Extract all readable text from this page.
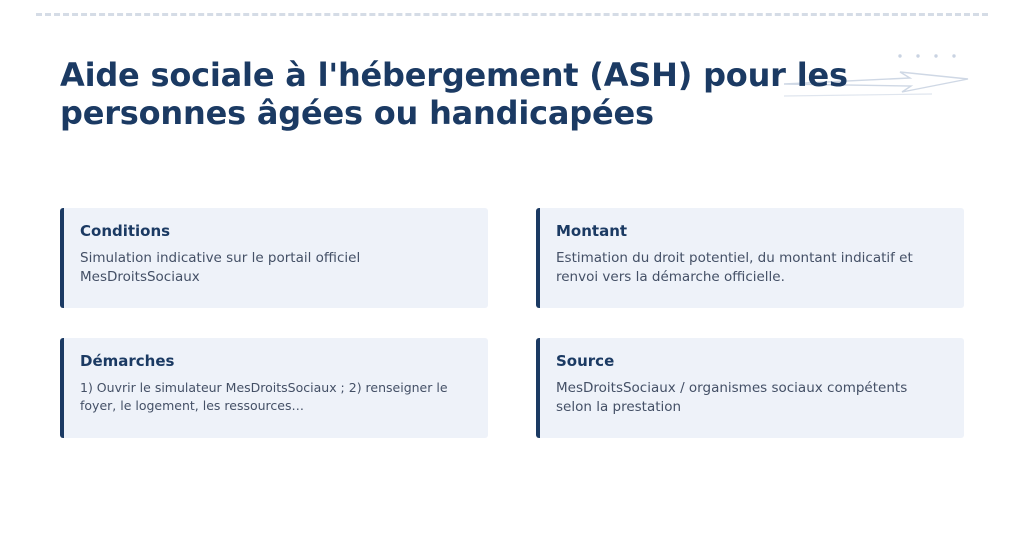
Aide sociale à l'hébergement (ASH) pour les personnes âgées ou handicapées
Conditions
Simulation indicative sur le portail officiel MesDroitsSociaux
Montant
Estimation du droit potentiel, du montant indicatif et renvoi vers la démarche officielle.
Démarches
1) Ouvrir le simulateur MesDroitsSociaux ; 2) renseigner le foyer, le logement, les ressources…
Source
MesDroitsSociaux / organismes sociaux compétents selon la prestation
